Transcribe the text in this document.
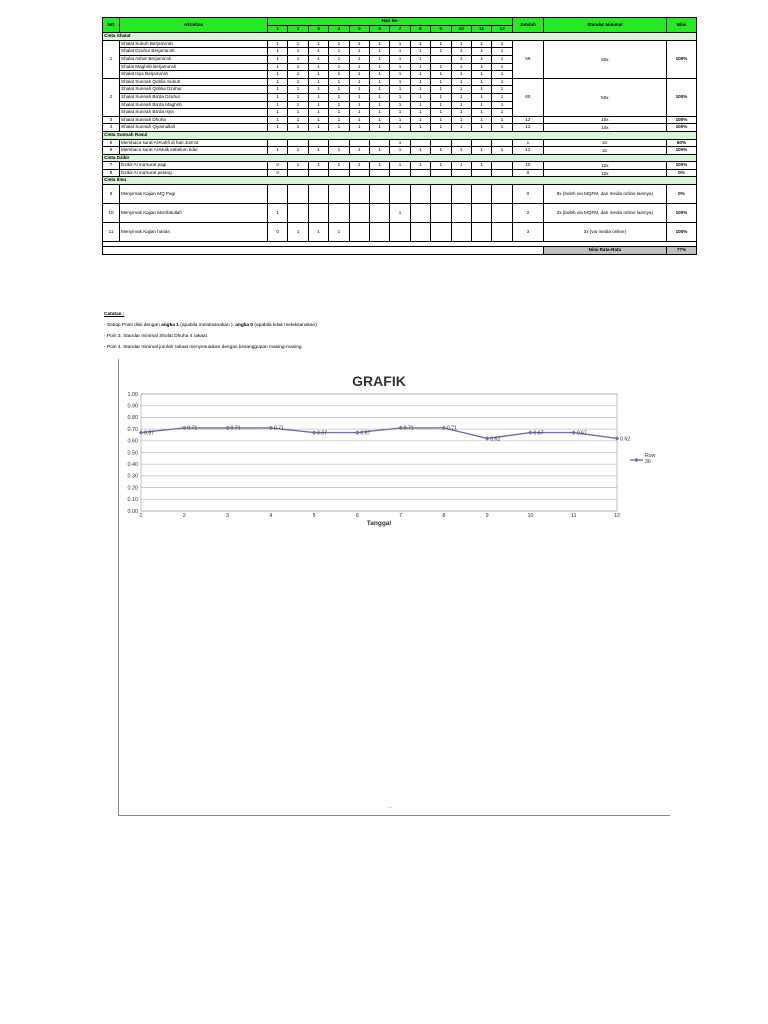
NO	Aktivitas	Hari ke-												Jumlah	Standar Minimal	Nilai
		1	2	3	4	5	6	7	8	9	10	11	12			
Cinta Shalat																
1	Shalat Subuh Berjama'ah	1	1	1	1	1	1	1	1	1	1	1	1	59	50x	100%
	Shalat Dzuhur Berjama'ah	1	1	1	1	1	1	1	1	1	1	1	1			
	Shalat Ashar Berjama'ah	1	1	1	1	1	1	1	1		1	1	1			
	Shalat Maghrib Berjama'ah	1	1	1	1	1	1	1	1	1	1	1	1			
	Shalat Isya Berjama'ah	1	1	1	1	1	1	1	1	1	1	1	1			
2	Shalat Sunnah Qoblia Subuh	1	1	1	1	1	1	1	1	1	1	1	1	60	50x	100%
	Shalat Sunnah Qoblia Dzuhur	1	1	1	1	1	1	1	1	1	1	1	1			
	Shalat Sunnah Ba'da Dzuhur	1	1	1	1	1	1	1	1	1	1	1	1			
	Shalat Sunnah Ba'da Maghrib	1	1	1	1	1	1	1	1	1	1	1	1			
	Shalat Sunnah Ba'da Isya	1	1	1	1	1	1	1	1	1	1	1	1			
3	Shalat Sunnah Dhuha	1	1	1	1	1	1	1	1	1	1	1	1	12	10x	100%
4	Shalat Sunnah Qiyamullail	1	1	1	1	1	1	1	1	1	1	1	1	12	10x	100%
Cinta Sunnah Rasul																
5	Membaca surat Al-Kahfi di hari Jum'at							1						1	2x	50%
6	Membaca surat Al-Mulk sebelum tidur	1	1	1	1	1	1	1	1	1	1	1	1	12	2x	100%
Cinta Dzikir																
7	Dzikir Al ma'surat pagi	0	1	1	1	1	1	1	1	1	1	1		10	10x	100%
8	Dzikir Al ma'surat petang	0												0	10x	0%
Cinta Ilmu																
9	Menyimak Kajian MQ Pagi													0	9x (boleh via MQFM, dan media online lainnya)	0%
10	Menyimak Kajian Ma'rifatullah	1						1						2	2x (boleh via MQFM, dan media online lainnya)	100%
11	Menyimak Kajian harian	0	1	1	1									3	3x (via media online)	100%

															Nilai Rata-Rata	77%
Catatan :
- Setiap Point diisi dengan angka 1 (apabila melaksanakan ), angka 0 (apabila tidak melaksanakan)
- Poin 3. Standar minimal Sholat Dhuha 4 rakaat
- Poin 4. Standar minimal jumlah rakaat menyesuaikan dengan kesanggupan masing-masing
GRAFIK
0.00
0.10
0.20
0.30
0.40
0.50
0.60
0.70
0.80
0.90
1.00
1	2	3	4	5	6	7	8	9	10	11	12
Tanggal
0.67
0.71	0.71	0.71
0.67	0.67
0.71	0.71
0.62
0.67	0.67
0.62
Row
36
...
